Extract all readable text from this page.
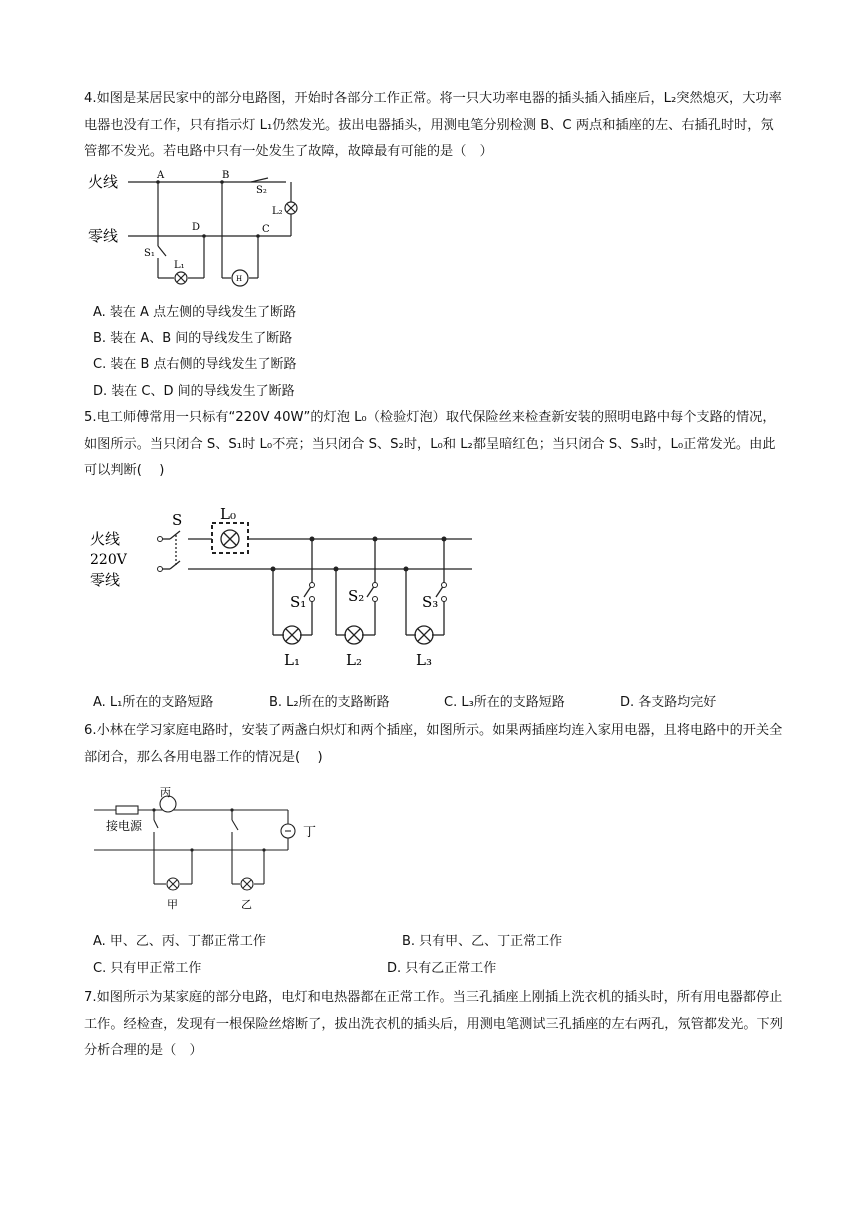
4.如图是某居民家中的部分电路图，开始时各部分工作正常。将一只大功率电器的插头插入插座后，L₂突然熄灭，大功率电器也没有工作，只有指示灯 L₁仍然发光。拔出电器插头，用测电笔分别检测 B、C 两点和插座的左、右插孔时时，氖管都不发光。若电路中只有一处发生了故障，故障最有可能的是（　）

火线
零线
A	B
C
D
S₁
S₂
L₁
L₂
H

A. 装在 A 点左侧的导线发生了断路

B. 装在 A、B 间的导线发生了断路

C. 装在 B 点右侧的导线发生了断路

D. 装在 C、D 间的导线发生了断路

5.电工师傅常用一只标有“220V 40W”的灯泡 L₀（检验灯泡）取代保险丝来检查新安装的照明电路中每个支路的情况，如图所示。当只闭合 S、S₁时 L₀不亮；当只闭合 S、S₂时，L₀和 L₂都呈暗红色；当只闭合 S、S₃时，L₀正常发光。由此可以判断(　 )

火线
220V
零线
S	L₀
S₁	S₂	S₃
L₁	L₂	L₃

A. L₁所在的支路短路	B. L₂所在的支路断路	C. L₃所在的支路短路	D. 各支路均完好

6.小林在学习家庭电路时，安装了两盏白炽灯和两个插座，如图所示。如果两插座均连入家用电器，且将电路中的开关全部闭合，那么各用电器工作的情况是(　 )

接电源
丙
丁
甲	乙

A. 甲、乙、丙、丁都正常工作	B. 只有甲、乙、丁正常工作

C. 只有甲正常工作	D. 只有乙正常工作

7.如图所示为某家庭的部分电路，电灯和电热器都在正常工作。当三孔插座上刚插上洗衣机的插头时，所有用电器都停止工作。经检查，发现有一根保险丝熔断了，拔出洗衣机的插头后，用测电笔测试三孔插座的左右两孔，氖管都发光。下列分析合理的是（　）
